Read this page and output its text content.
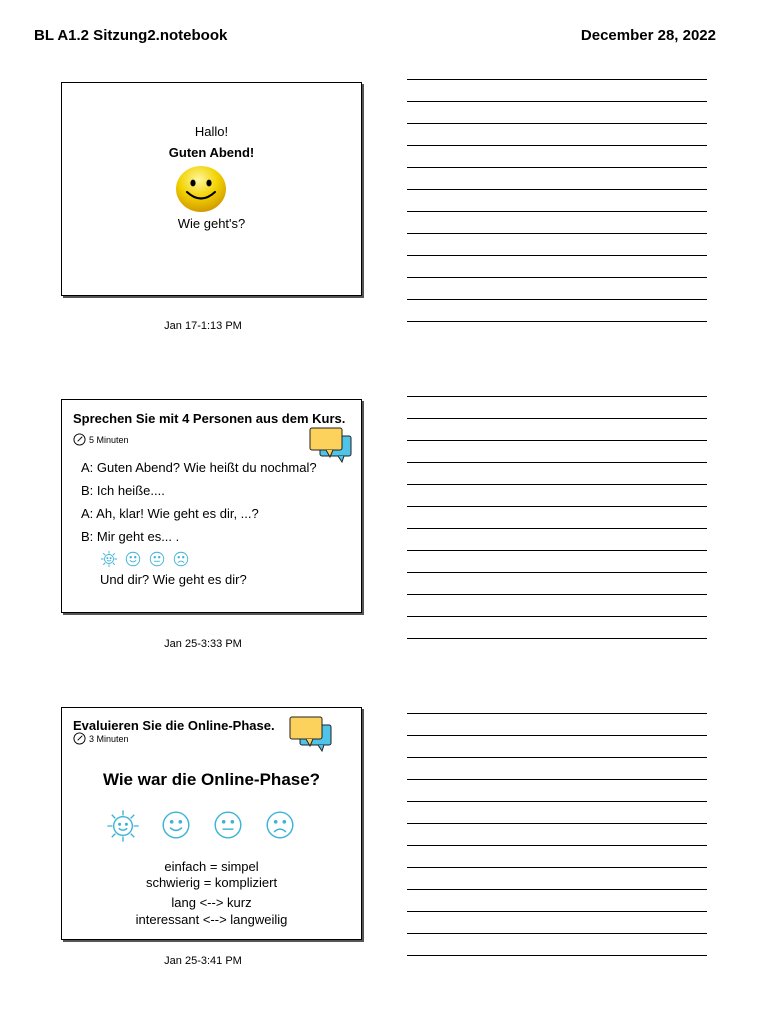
BL A1.2 Sitzung2.notebook	December 28, 2022
Hallo!
Guten Abend!
Wie geht's?
Jan 17-1:13 PM
Sprechen Sie mit 4 Personen aus dem Kurs.
5 Minuten
A: Guten Abend? Wie heißt du nochmal?
B: Ich heiße....
A: Ah, klar! Wie geht es dir, ...?
B: Mir geht es... .
Und dir? Wie geht es dir?
Jan 25-3:33 PM
Evaluieren Sie die Online-Phase.
3 Minuten
Wie war die Online-Phase?
einfach = simpel
schwierig = kompliziert
lang <--> kurz
interessant <--> langweilig
Jan 25-3:41 PM
